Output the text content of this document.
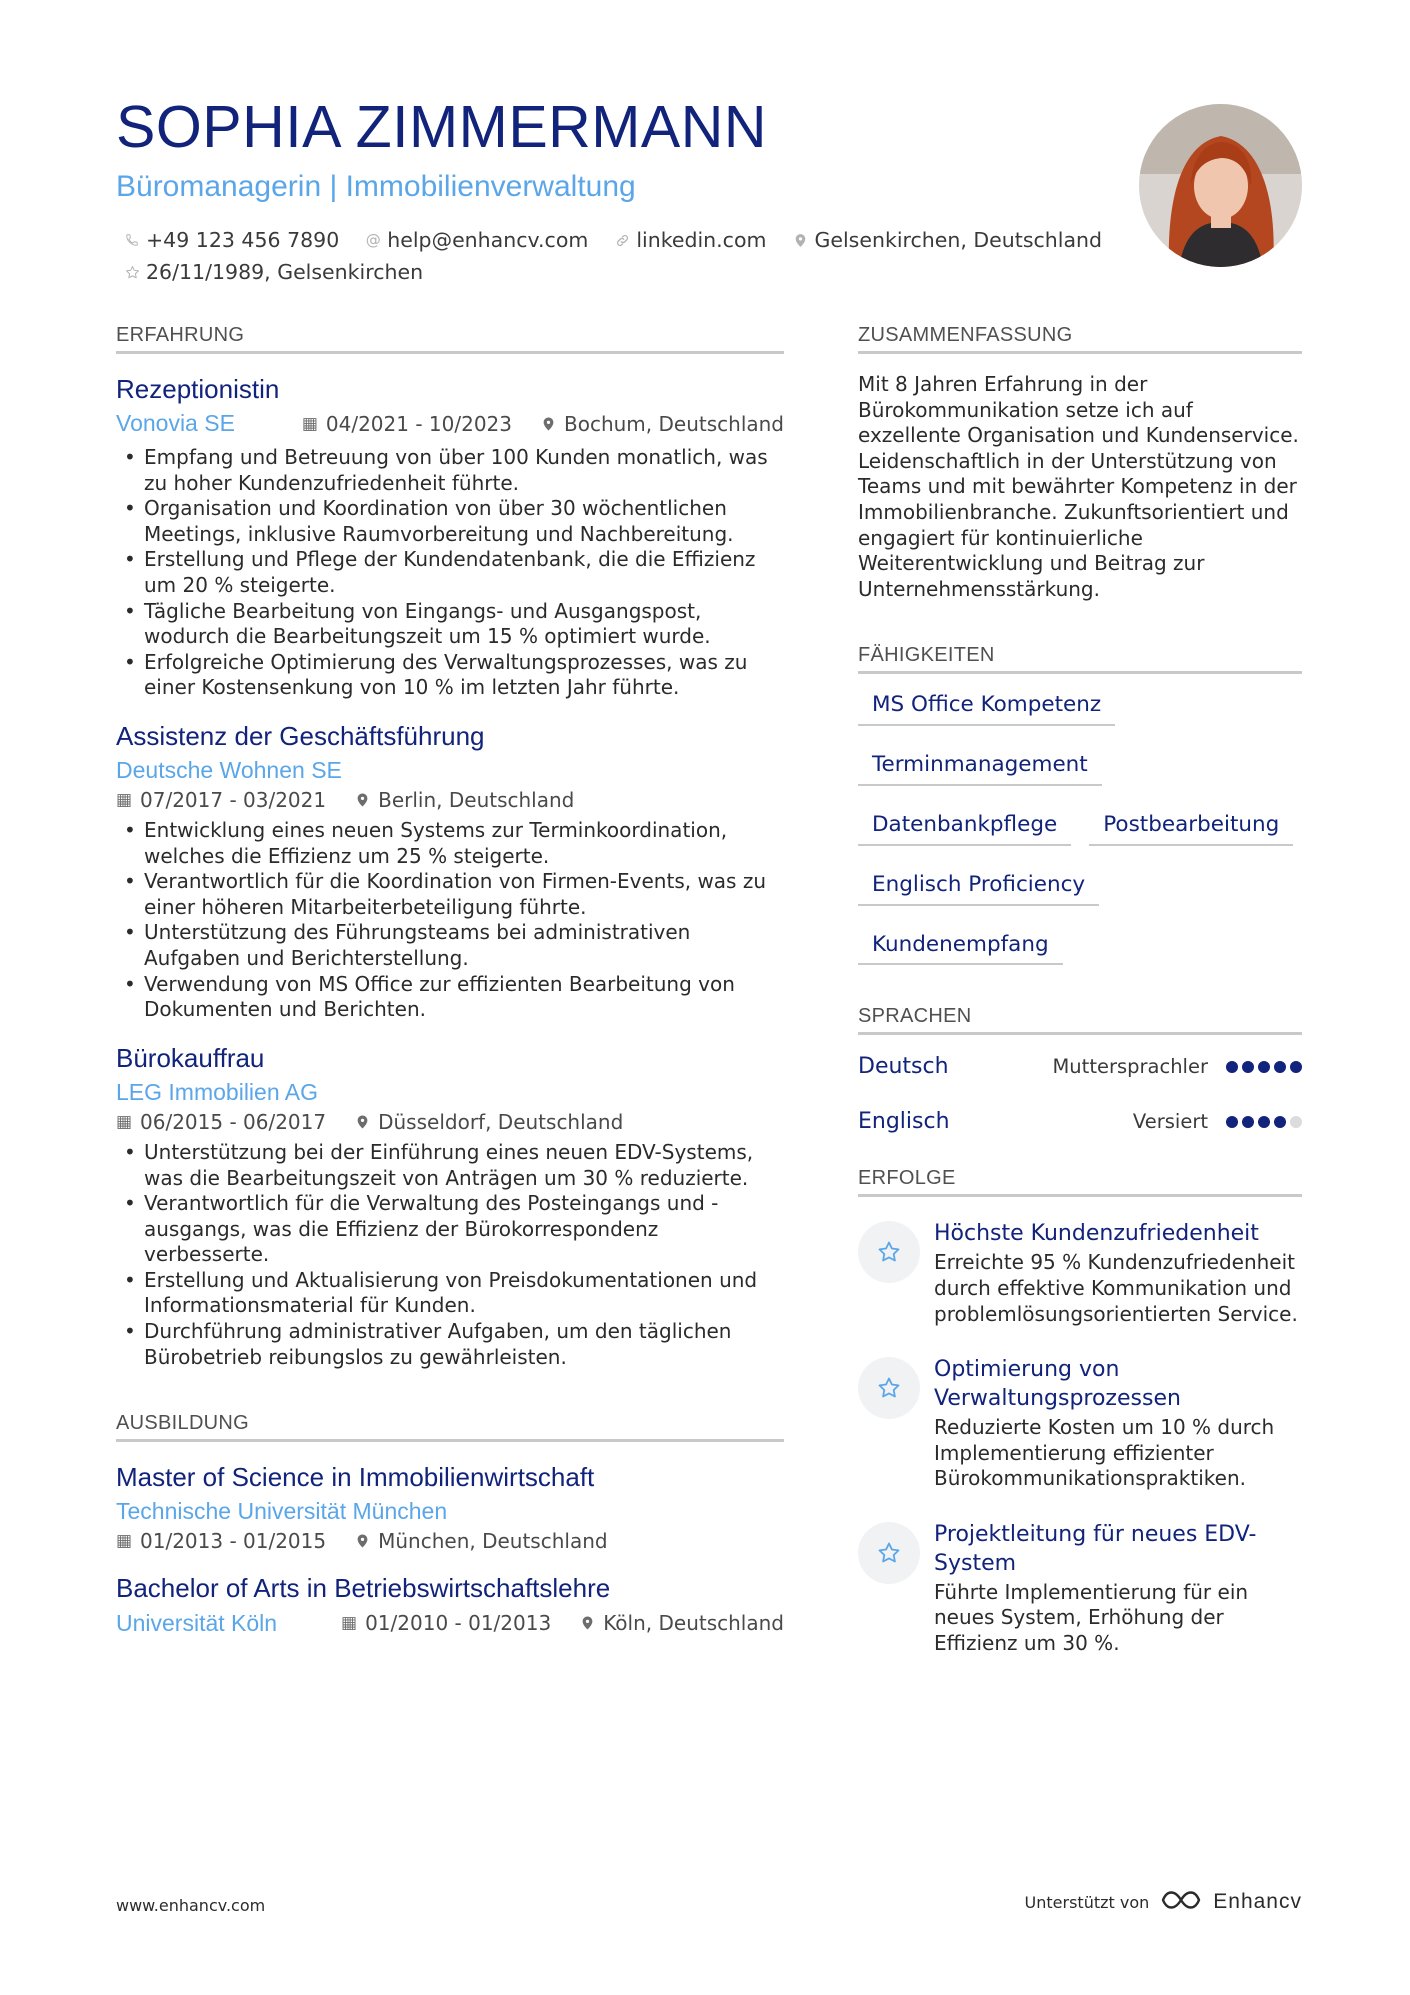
SOPHIA ZIMMERMANN
Büromanagerin | Immobilienverwaltung
+49 123 456 7890 @ help@enhancv.com linkedin.com Gelsenkirchen, Deutschland
26/11/1989, Gelsenkirchen
ERFAHRUNG
Rezeptionistin
Vonovia SE	▦ 04/2021 - 10/2023	Bochum, Deutschland
• Empfang und Betreuung von über 100 Kunden monatlich, was zu hoher Kundenzufriedenheit führte.
• Organisation und Koordination von über 30 wöchentlichen Meetings, inklusive Raumvorbereitung und Nachbereitung.
• Erstellung und Pflege der Kundendatenbank, die die Effizienz um 20 % steigerte.
• Tägliche Bearbeitung von Eingangs- und Ausgangspost, wodurch die Bearbeitungszeit um 15 % optimiert wurde.
• Erfolgreiche Optimierung des Verwaltungsprozesses, was zu einer Kostensenkung von 10 % im letzten Jahr führte.
Assistenz der Geschäftsführung
Deutsche Wohnen SE
▦ 07/2017 - 03/2021	Berlin, Deutschland
• Entwicklung eines neuen Systems zur Terminkoordination, welches die Effizienz um 25 % steigerte.
• Verantwortlich für die Koordination von Firmen-Events, was zu einer höheren Mitarbeiterbeteiligung führte.
• Unterstützung des Führungsteams bei administrativen Aufgaben und Berichterstellung.
• Verwendung von MS Office zur effizienten Bearbeitung von Dokumenten und Berichten.
Bürokauffrau
LEG Immobilien AG
▦ 06/2015 - 06/2017	Düsseldorf, Deutschland
• Unterstützung bei der Einführung eines neuen EDV-Systems, was die Bearbeitungszeit von Anträgen um 30 % reduzierte.
• Verantwortlich für die Verwaltung des Posteingangs und -ausgangs, was die Effizienz der Bürokorrespondenz verbesserte.
• Erstellung und Aktualisierung von Preisdokumentationen und Informationsmaterial für Kunden.
• Durchführung administrativer Aufgaben, um den täglichen Bürobetrieb reibungslos zu gewährleisten.
AUSBILDUNG
Master of Science in Immobilienwirtschaft
Technische Universität München
▦ 01/2013 - 01/2015	München, Deutschland
Bachelor of Arts in Betriebswirtschaftslehre
Universität Köln	▦ 01/2010 - 01/2013	Köln, Deutschland
ZUSAMMENFASSUNG
Mit 8 Jahren Erfahrung in der Bürokommunikation setze ich auf exzellente Organisation und Kundenservice. Leidenschaftlich in der Unterstützung von Teams und mit bewährter Kompetenz in der Immobilienbranche. Zukunftsorientiert und engagiert für kontinuierliche Weiterentwicklung und Beitrag zur Unternehmensstärkung.
FÄHIGKEITEN
MS Office Kompetenz
Terminmanagement
Datenbankpflege	Postbearbeitung
Englisch Proficiency
Kundenempfang
SPRACHEN
Deutsch	Muttersprachler
Englisch	Versiert
ERFOLGE
Höchste Kundenzufriedenheit
Erreichte 95 % Kundenzufriedenheit durch effektive Kommunikation und problemlösungsorientierten Service.
Optimierung von Verwaltungsprozessen
Reduzierte Kosten um 10 % durch Implementierung effizienter Bürokommunikationspraktiken.
Projektleitung für neues EDV-System
Führte Implementierung für ein neues System, Erhöhung der Effizienz um 30 %.
www.enhancv.com	Unterstützt von	Enhancv
